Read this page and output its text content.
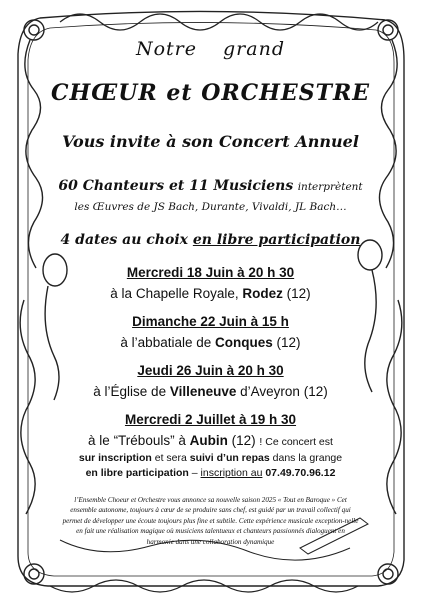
Notre grand
CHŒUR et ORCHESTRE
Vous invite à son Concert Annuel
60 Chanteurs et 11 Musiciens interprètent
les Œuvres de JS Bach, Durante, Vivaldi, JL Bach…
4 dates au choix en libre participation
Mercredi 18 Juin à 20 h 30
à la Chapelle Royale, Rodez (12)
Dimanche 22 Juin à 15 h
à l’abbatiale de Conques (12)
Jeudi 26 Juin à 20 h 30
à l’Église de Villeneuve d’Aveyron (12)
Mercredi 2 Juillet à 19 h 30
à le “Trébouls” à Aubin (12) ! Ce concert est
sur inscription et sera suivi d’un repas dans la grange
en libre participation – inscription au 07.49.70.96.12
l’Ensemble Choeur et Orchestre vous annonce sa nouvelle saison 2025 « Tout en Baroque » Cet ensemble autonome, toujours à cœur de se produire sans chef, est guidé par un travail collectif qui permet de développer une écoute toujours plus fine et subtile. Cette expérience musicale exception-nelle en fait une réalisation magique où musiciens talentueux et chanteurs passionnés dialoguent en harmonie dans une collaboration dynamique
